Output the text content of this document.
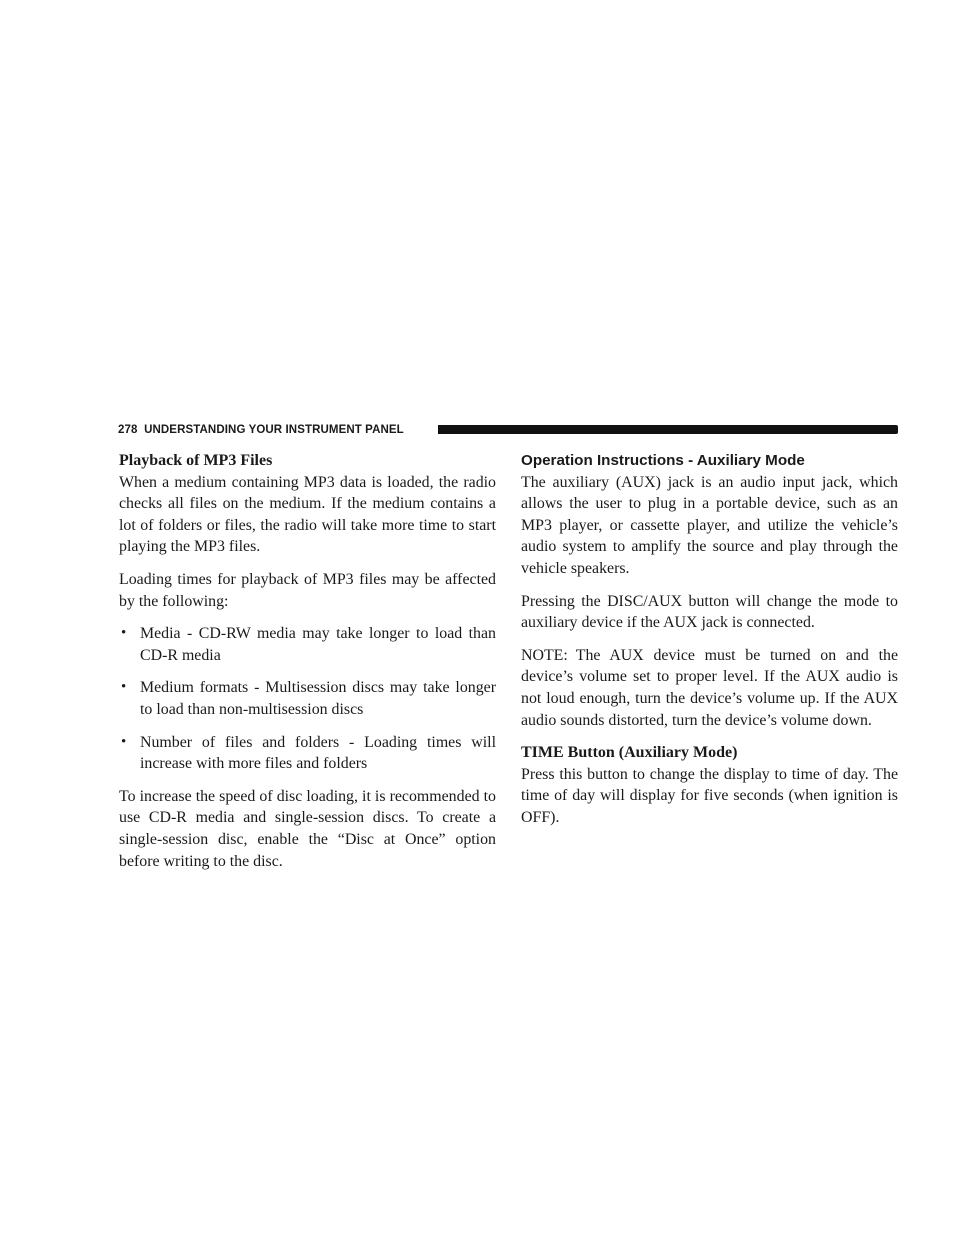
278 UNDERSTANDING YOUR INSTRUMENT PANEL
Playback of MP3 Files

When a medium containing MP3 data is loaded, the radio checks all files on the medium. If the medium contains a lot of folders or files, the radio will take more time to start playing the MP3 files.

Loading times for playback of MP3 files may be affected by the following:

• Media - CD-RW media may take longer to load than CD-R media
• Medium formats - Multisession discs may take longer to load than non-multisession discs
• Number of files and folders - Loading times will increase with more files and folders

To increase the speed of disc loading, it is recommended to use CD-R media and single-session discs. To create a single-session disc, enable the “Disc at Once” option before writing to the disc.

Operation Instructions - Auxiliary Mode

The auxiliary (AUX) jack is an audio input jack, which allows the user to plug in a portable device, such as an MP3 player, or cassette player, and utilize the vehicle’s audio system to amplify the source and play through the vehicle speakers.

Pressing the DISC/AUX button will change the mode to auxiliary device if the AUX jack is connected.

NOTE: The AUX device must be turned on and the device’s volume set to proper level. If the AUX audio is not loud enough, turn the device’s volume up. If the AUX audio sounds distorted, turn the device’s volume down.

TIME Button (Auxiliary Mode)

Press this button to change the display to time of day. The time of day will display for five seconds (when ignition is OFF).
